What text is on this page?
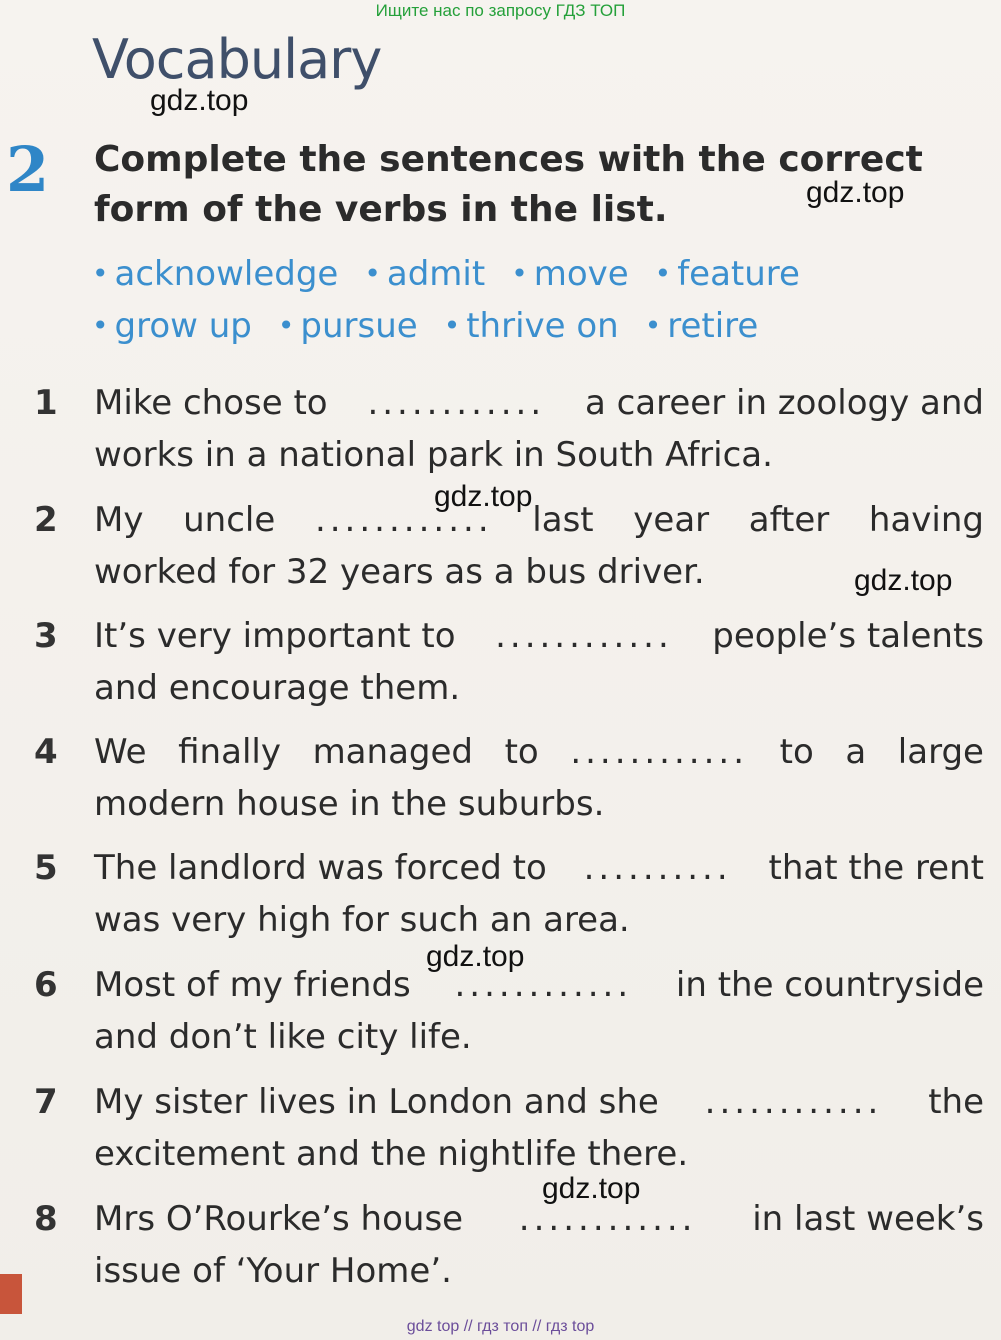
Ищите нас по запросу ГДЗ ТОП
Vocabulary
2 Complete the sentences with the correct
form of the verbs in the list.
• acknowledge	• admit	• move	• feature
• grow up	• pursue	• thrive on	• retire
1	Mike chose to ............ a career in zoology and
works in a national park in South Africa.
2	My uncle ............ last year after having
worked for 32 years as a bus driver.
3	It’s very important to ............ people’s talents
and encourage them.
4	We finally managed to ............ to a large
modern house in the suburbs.
5	The landlord was forced to .......... that the rent
was very high for such an area.
6	Most of my friends ............ in the countryside
and don’t like city life.
7	My sister lives in London and she ............ the
excitement and the nightlife there.
8	Mrs O’Rourke’s house ............ in last week’s
issue of ‘Your Home’.
gdz.top
gdz.top
gdz.top
gdz.top
gdz.top
gdz.top
gdz top // гдз топ // гдз top
